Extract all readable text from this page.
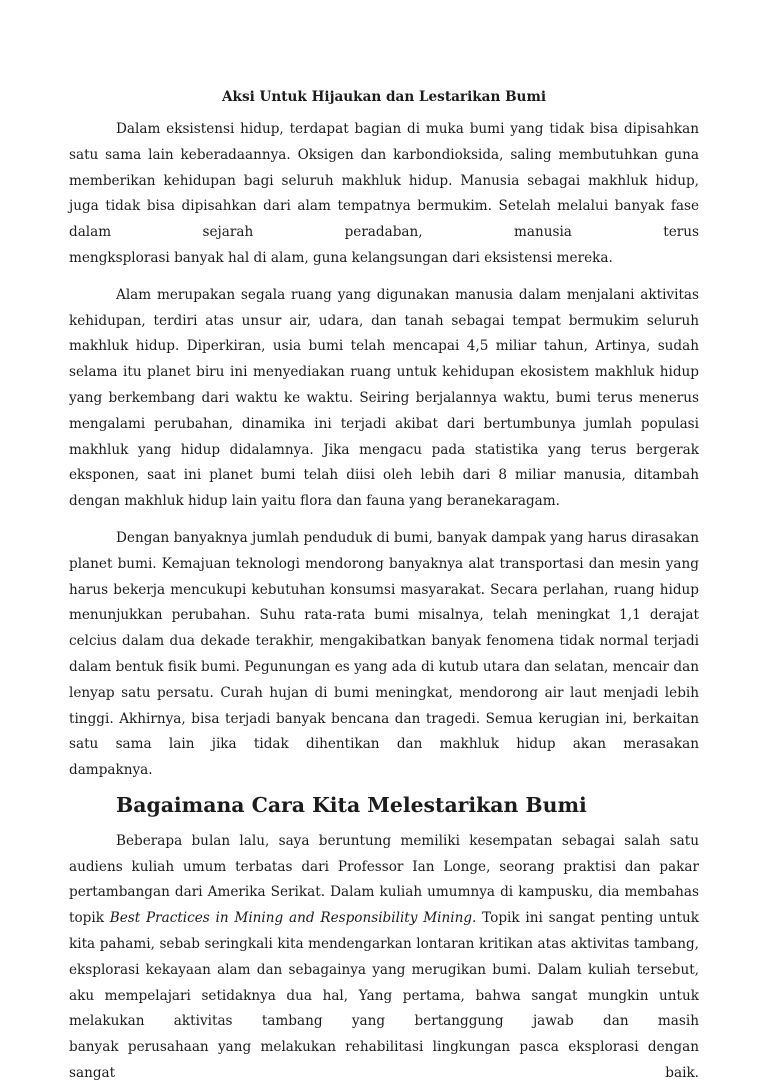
Aksi Untuk Hijaukan dan Lestarikan Bumi

Dalam eksistensi hidup, terdapat bagian di muka bumi yang tidak bisa dipisahkan satu sama lain keberadaannya. Oksigen dan karbondioksida, saling membutuhkan guna memberikan kehidupan bagi seluruh makhluk hidup. Manusia sebagai makhluk hidup, juga tidak bisa dipisahkan dari alam tempatnya bermukim. Setelah melalui banyak fase dalam sejarah peradaban, manusia terus
mengksplorasi banyak hal di alam, guna kelangsungan dari eksistensi mereka.

Alam merupakan segala ruang yang digunakan manusia dalam menjalani aktivitas kehidupan, terdiri atas unsur air, udara, dan tanah sebagai tempat bermukim seluruh makhluk hidup. Diperkiran, usia bumi telah mencapai 4,5 miliar tahun, Artinya, sudah selama itu planet biru ini menyediakan ruang untuk kehidupan ekosistem makhluk hidup yang berkembang dari waktu ke waktu. Seiring berjalannya waktu, bumi terus menerus mengalami perubahan, dinamika ini terjadi akibat dari bertumbunya jumlah populasi makhluk yang hidup didalamnya. Jika mengacu pada statistika yang terus bergerak eksponen, saat ini planet bumi telah diisi oleh lebih dari 8 miliar manusia, ditambah
dengan makhluk hidup lain yaitu flora dan fauna yang beranekaragam.

Dengan banyaknya jumlah penduduk di bumi, banyak dampak yang harus dirasakan planet bumi. Kemajuan teknologi mendorong banyaknya alat transportasi dan mesin yang harus bekerja mencukupi kebutuhan konsumsi masyarakat. Secara perlahan, ruang hidup menunjukkan perubahan. Suhu rata-rata bumi misalnya, telah meningkat 1,1 derajat celcius dalam dua dekade terakhir, mengakibatkan banyak fenomena tidak normal terjadi dalam bentuk fisik bumi. Pegunungan es yang ada di kutub utara dan selatan, mencair dan lenyap satu persatu. Curah hujan di bumi meningkat, mendorong air laut menjadi lebih tinggi. Akhirnya, bisa terjadi banyak bencana dan tragedi. Semua kerugian ini, berkaitan satu sama lain jika tidak dihentikan dan makhluk hidup akan merasakan
dampaknya.

Bagaimana Cara Kita Melestarikan Bumi

Beberapa bulan lalu, saya beruntung memiliki kesempatan sebagai salah satu audiens kuliah umum terbatas dari Professor Ian Longe, seorang praktisi dan pakar pertambangan dari Amerika Serikat. Dalam kuliah umumnya di kampusku, dia membahas topik Best Practices in Mining and Responsibility Mining. Topik ini sangat penting untuk kita pahami, sebab seringkali kita mendengarkan lontaran kritikan atas aktivitas tambang, eksplorasi kekayaan alam dan sebagainya yang merugikan bumi. Dalam kuliah tersebut, aku mempelajari setidaknya dua hal, Yang pertama, bahwa sangat mungkin untuk melakukan aktivitas tambang yang bertanggung jawab dan masih
banyak perusahaan yang melakukan rehabilitasi lingkungan pasca eksplorasi dengan sangat baik.
